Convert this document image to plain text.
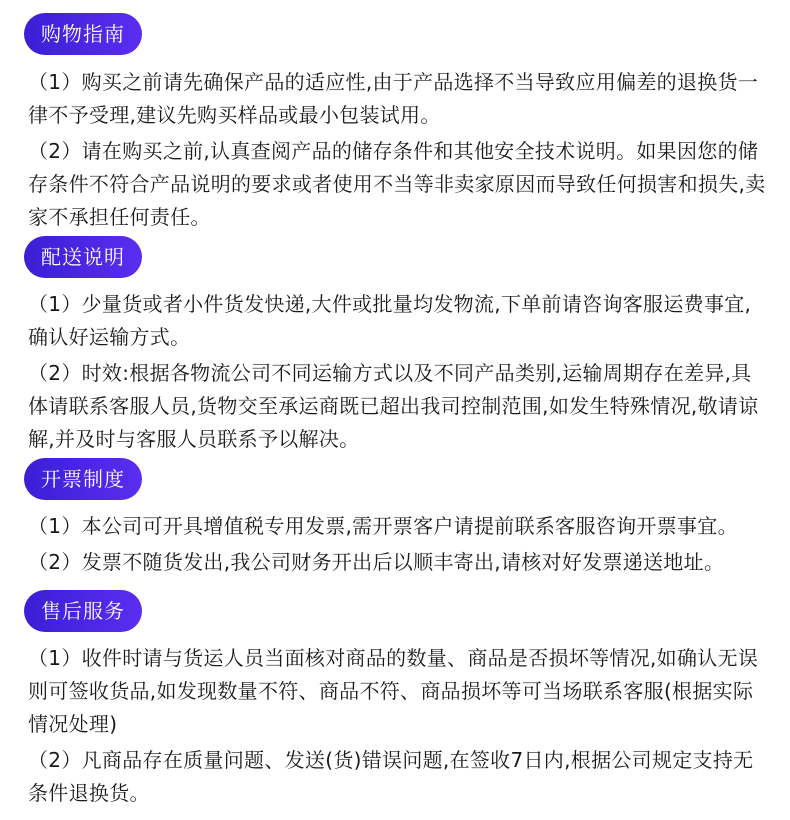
购物指南

（1）购买之前请先确保产品的适应性,由于产品选择不当导致应用偏差的退换货一律不予受理,建议先购买样品或最小包装试用。

（2）请在购买之前,认真查阅产品的储存条件和其他安全技术说明。如果因您的储存条件不符合产品说明的要求或者使用不当等非卖家原因而导致任何损害和损失,卖家不承担任何责任。

配送说明

（1）少量货或者小件货发快递,大件或批量均发物流,下单前请咨询客服运费事宜,确认好运输方式。

（2）时效:根据各物流公司不同运输方式以及不同产品类别,运输周期存在差异,具体请联系客服人员,货物交至承运商既已超出我司控制范围,如发生特殊情况,敬请谅解,并及时与客服人员联系予以解决。

开票制度

（1）本公司可开具增值税专用发票,需开票客户请提前联系客服咨询开票事宜。

（2）发票不随货发出,我公司财务开出后以顺丰寄出,请核对好发票递送地址。

售后服务

（1）收件时请与货运人员当面核对商品的数量、商品是否损坏等情况,如确认无误则可签收货品,如发现数量不符、商品不符、商品损坏等可当场联系客服(根据实际情况处理)

（2）凡商品存在质量问题、发送(货)错误问题,在签收7日内,根据公司规定支持无条件退换货。
